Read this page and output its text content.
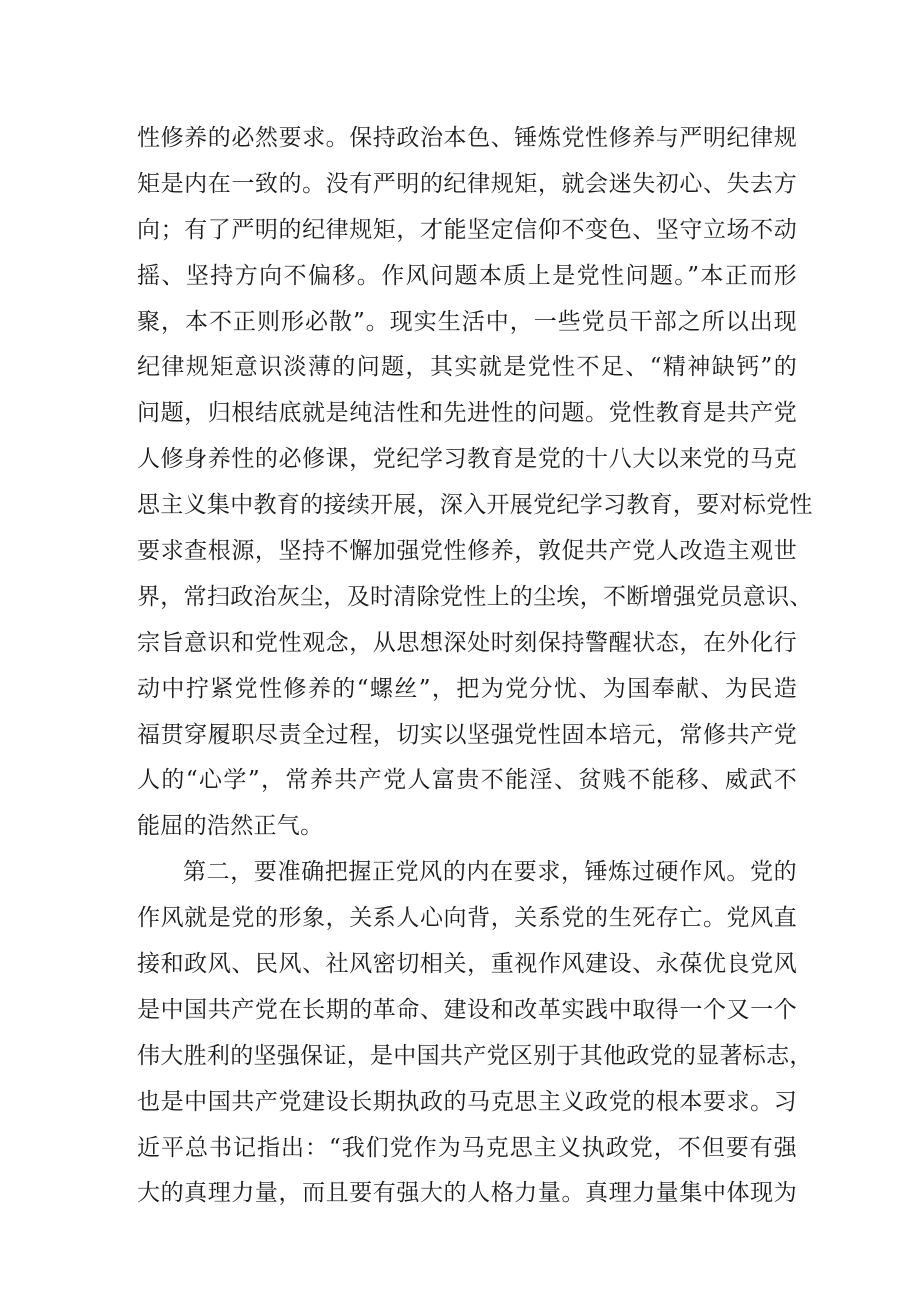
性修养的必然要求。保持政治本色、锤炼党性修养与严明纪律规
矩是内在一致的。没有严明的纪律规矩，就会迷失初心、失去方
向；有了严明的纪律规矩，才能坚定信仰不变色、坚守立场不动
摇、坚持方向不偏移。作风问题本质上是党性问题。”本正而形
聚，本不正则形必散”。现实生活中，一些党员干部之所以出现
纪律规矩意识淡薄的问题，其实就是党性不足、“精神缺钙”的
问题，归根结底就是纯洁性和先进性的问题。党性教育是共产党
人修身养性的必修课，党纪学习教育是党的十八大以来党的马克
思主义集中教育的接续开展，深入开展党纪学习教育，要对标党性
要求查根源，坚持不懈加强党性修养，敦促共产党人改造主观世
界，常扫政治灰尘，及时清除党性上的尘埃，不断增强党员意识、
宗旨意识和党性观念，从思想深处时刻保持警醒状态，在外化行
动中拧紧党性修养的“螺丝”，把为党分忧、为国奉献、为民造
福贯穿履职尽责全过程，切实以坚强党性固本培元，常修共产党
人的“心学”，常养共产党人富贵不能淫、贫贱不能移、威武不
能屈的浩然正气。
第二，要准确把握正党风的内在要求，锤炼过硬作风。党的
作风就是党的形象，关系人心向背，关系党的生死存亡。党风直
接和政风、民风、社风密切相关，重视作风建设、永葆优良党风
是中国共产党在长期的革命、建设和改革实践中取得一个又一个
伟大胜利的坚强保证，是中国共产党区别于其他政党的显著标志，
也是中国共产党建设长期执政的马克思主义政党的根本要求。习
近平总书记指出：“我们党作为马克思主义执政党，不但要有强
大的真理力量，而且要有强大的人格力量。真理力量集中体现为
